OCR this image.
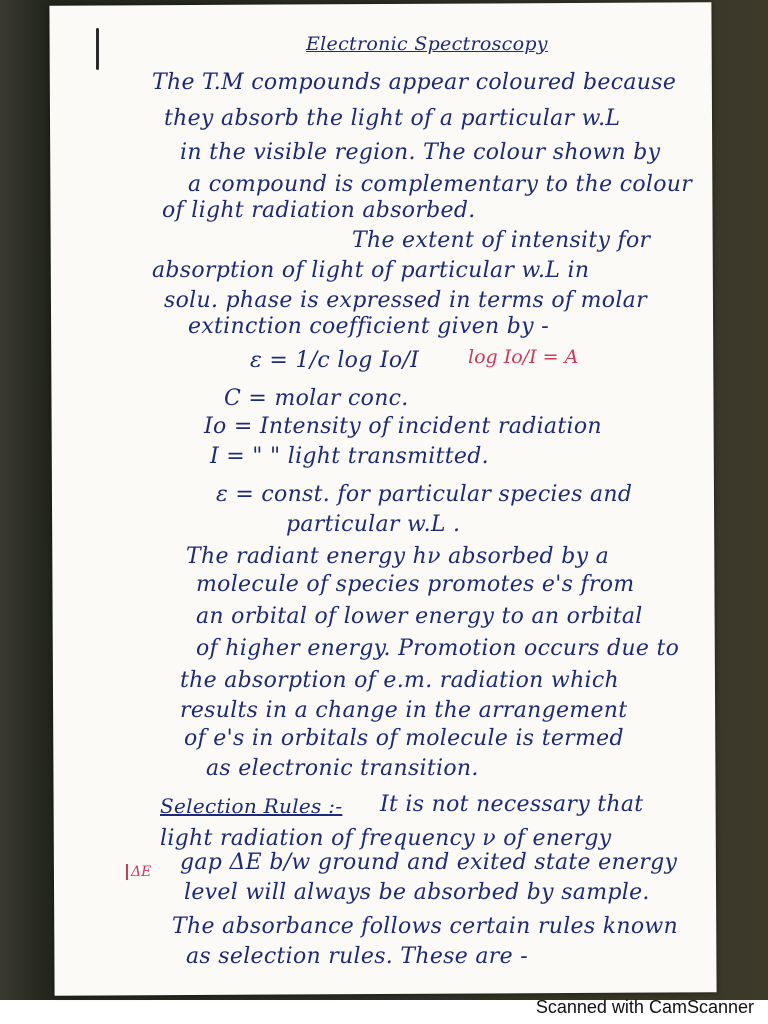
Electronic Spectroscopy
The T.M compounds appear coloured because
they absorb the light of a particular w.L
in the visible region. The colour shown by
a compound is complementary to the colour
of light radiation absorbed.
The extent of intensity for
absorption of light of particular w.L in
solu. phase is expressed in terms of molar
extinction coefficient given by -
ε = 1/c log Io/I	log Io/I = A
C = molar conc.
Io = Intensity of incident radiation
I = " " light transmitted.
ε = const. for particular species and
particular w.L .
The radiant energy hν absorbed by a
molecule of species promotes e's from
an orbital of lower energy to an orbital
of higher energy. Promotion occurs due to
the absorption of e.m. radiation which
results in a change in the arrangement
of e's in orbitals of molecule is termed
as electronic transition.
Selection Rules :- It is not necessary that
light radiation of frequency ν of energy
gap ΔE b/w ground and exited state energy
level will always be absorbed by sample.
The absorbance follows certain rules known
as selection rules. These are -
ΔE
Scanned with CamScanner
